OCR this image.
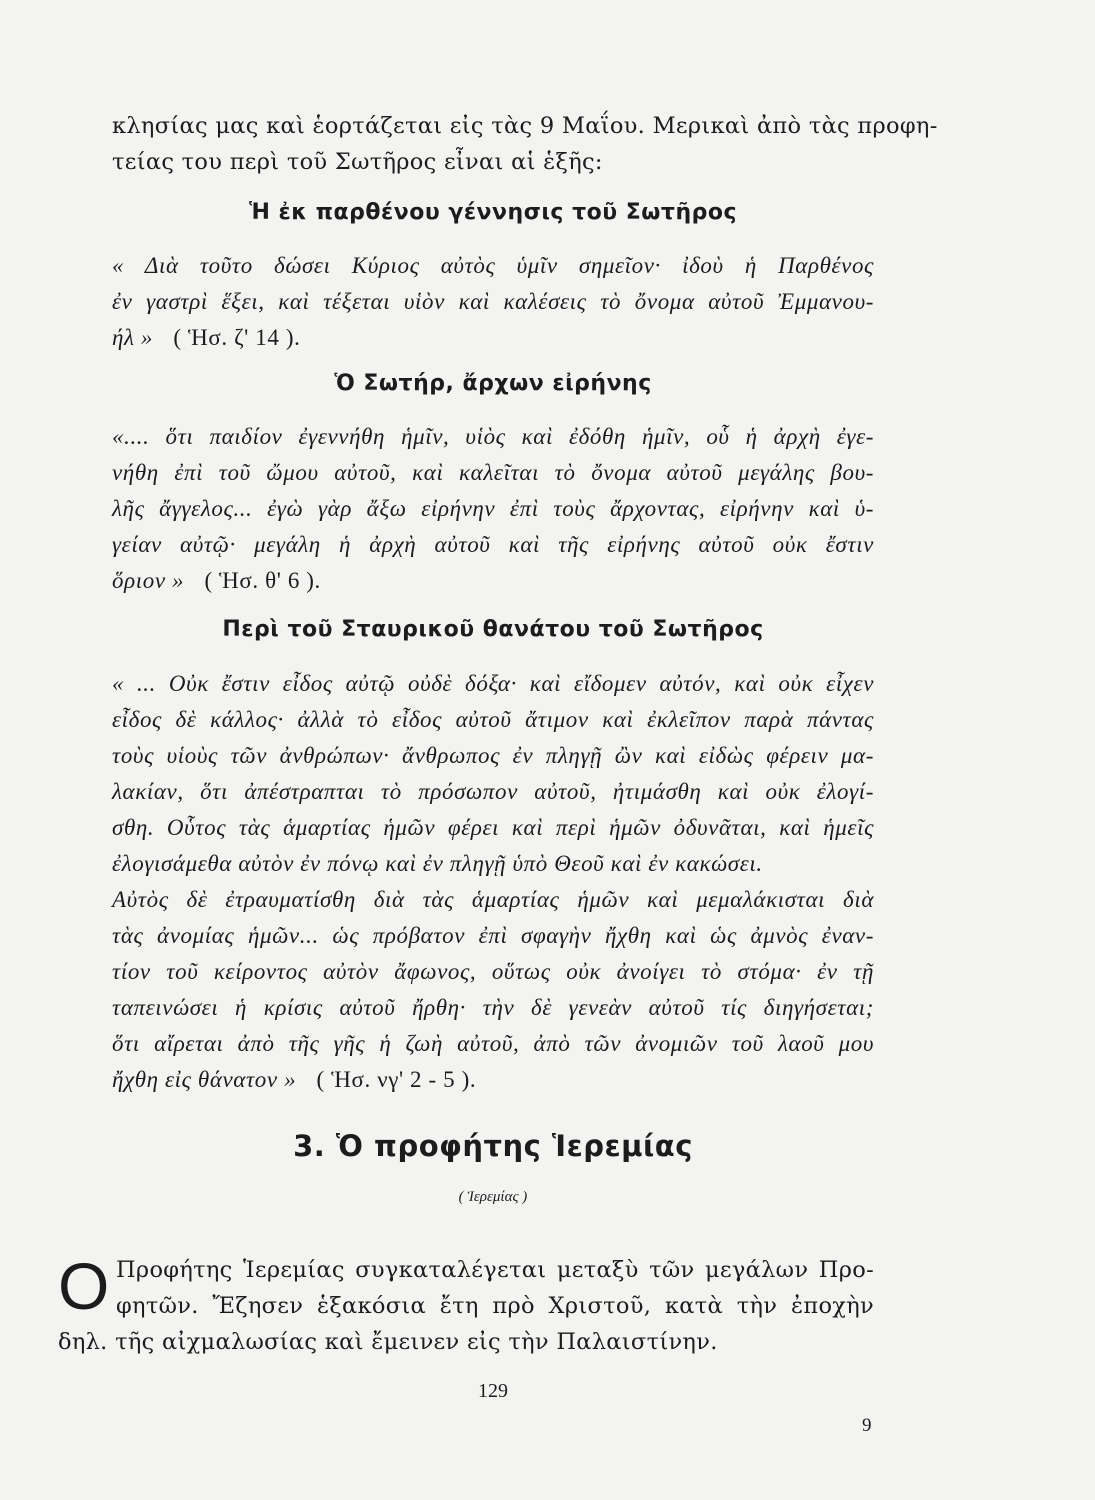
κλησίας μας καὶ ἑορτάζεται εἰς τὰς 9 Μαΐου. Μερικαὶ ἀπὸ τὰς προφη-
τείας του περὶ τοῦ Σωτῆρος εἶναι αἱ ἑξῆς:
Ἡ ἐκ παρθένου γέννησις τοῦ Σωτῆρος
« Διὰ τοῦτο δώσει Κύριος αὐτὸς ὑμῖν σημεῖον· ἰδοὺ ἡ Παρθένος
ἐν γαστρὶ ἕξει, καὶ τέξεται υἱὸν καὶ καλέσεις τὸ ὄνομα αὐτοῦ Ἐμμανου-
ήλ » ( Ἡσ. ζ' 14 ).
Ὁ Σωτήρ, ἄρχων εἰρήνης
«.... ὅτι παιδίον ἐγεννήθη ἡμῖν, υἱὸς καὶ ἐδόθη ἡμῖν, οὗ ἡ ἀρχὴ ἐγε-
νήθη ἐπὶ τοῦ ὤμου αὐτοῦ, καὶ καλεῖται τὸ ὄνομα αὐτοῦ μεγάλης βου-
λῆς ἄγγελος... ἐγὼ γὰρ ἄξω εἰρήνην ἐπὶ τοὺς ἄρχοντας, εἰρήνην καὶ ὑ-
γείαν αὐτῷ· μεγάλη ἡ ἀρχὴ αὐτοῦ καὶ τῆς εἰρήνης αὐτοῦ οὐκ ἔστιν
ὅριον » ( Ἡσ. θ' 6 ).
Περὶ τοῦ Σταυρικοῦ θανάτου τοῦ Σωτῆρος
« ... Οὐκ ἔστιν εἶδος αὐτῷ οὐδὲ δόξα· καὶ εἴδομεν αὐτόν, καὶ οὐκ εἶχεν
εἶδος δὲ κάλλος· ἀλλὰ τὸ εἶδος αὐτοῦ ἄτιμον καὶ ἐκλεῖπον παρὰ πάντας
τοὺς υἱοὺς τῶν ἀνθρώπων· ἄνθρωπος ἐν πληγῇ ὢν καὶ εἰδὼς φέρειν μα-
λακίαν, ὅτι ἀπέστραπται τὸ πρόσωπον αὐτοῦ, ἠτιμάσθη καὶ οὐκ ἐλογί-
σθη. Οὗτος τὰς ἁμαρτίας ἡμῶν φέρει καὶ περὶ ἡμῶν ὀδυνᾶται, καὶ ἡμεῖς
ἐλογισάμεθα αὐτὸν ἐν πόνῳ καὶ ἐν πληγῇ ὑπὸ Θεοῦ καὶ ἐν κακώσει.
Αὐτὸς δὲ ἐτραυματίσθη διὰ τὰς ἁμαρτίας ἡμῶν καὶ μεμαλάκισται διὰ
τὰς ἀνομίας ἡμῶν... ὡς πρόβατον ἐπὶ σφαγὴν ἤχθη καὶ ὡς ἀμνὸς ἐναν-
τίον τοῦ κείροντος αὐτὸν ἄφωνος, οὕτως οὐκ ἀνοίγει τὸ στόμα· ἐν τῇ
ταπεινώσει ἡ κρίσις αὐτοῦ ἤρθη· τὴν δὲ γενεὰν αὐτοῦ τίς διηγήσεται;
ὅτι αἴρεται ἀπὸ τῆς γῆς ἡ ζωὴ αὐτοῦ, ἀπὸ τῶν ἀνομιῶν τοῦ λαοῦ μου
ἤχθη εἰς θάνατον » ( Ἡσ. νγ' 2 - 5 ).
3. Ὁ προφήτης Ἱερεμίας
( Ἱερεμίας )
Ο Προφήτης Ἱερεμίας συγκαταλέγεται μεταξὺ τῶν μεγάλων Προ-
φητῶν. Ἔζησεν ἑξακόσια ἔτη πρὸ Χριστοῦ, κατὰ τὴν ἐποχὴν
δηλ. τῆς αἰχμαλωσίας καὶ ἔμεινεν εἰς τὴν Παλαιστίνην.
129
9
